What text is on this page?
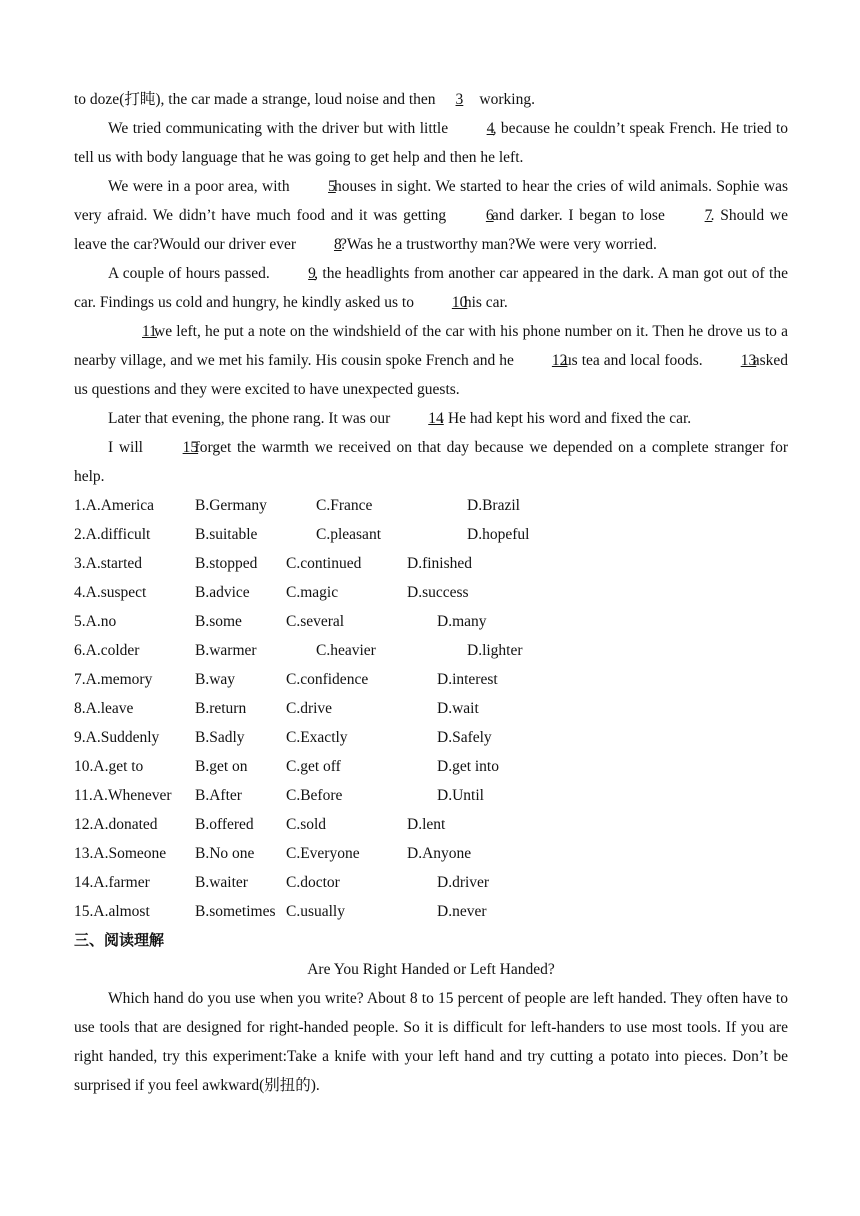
to doze(打盹), the car made a strange, loud noise and then 3 working.

We tried communicating with the driver but with little 4, because he couldn’t speak French. He tried to tell us with body language that he was going to get help and then he left.

We were in a poor area, with 5houses in sight. We started to hear the cries of wild animals. Sophie was very afraid. We didn’t have much food and it was getting 6and darker. I began to lose 7. Should we leave the car?Would our driver ever 8?Was he a trustworthy man?We were very worried.

A couple of hours passed. 9, the headlights from another car appeared in the dark. A man got out of the car. Findings us cold and hungry, he kindly asked us to 10his car.

11we left, he put a note on the windshield of the car with his phone number on it. Then he drove us to a nearby village, and we met his family. His cousin spoke French and he 12us tea and local foods. 13asked us questions and they were excited to have unexpected guests.

Later that evening, the phone rang. It was our 14. He had kept his word and fixed the car.

I will 15forget the warmth we received on that day because we depended on a complete stranger for help.

1.A.America	B.Germany	C.France	D.Brazil
2.A.difficult	B.suitable	C.pleasant	D.hopeful
3.A.started	B.stopped	C.continued	D.finished
4.A.suspect	B.advice	C.magic	D.success
5.A.no	B.some	C.several	D.many
6.A.colder	B.warmer	C.heavier	D.lighter
7.A.memory	B.way	C.confidence	D.interest
8.A.leave	B.return	C.drive	D.wait
9.A.Suddenly	B.Sadly	C.Exactly	D.Safely
10.A.get to	B.get on	C.get off	D.get into
11.A.Whenever	B.After	C.Before	D.Until
12.A.donated	B.offered	C.sold	D.lent
13.A.Someone	B.No one	C.Everyone	D.Anyone
14.A.farmer	B.waiter	C.doctor	D.driver
15.A.almost	B.sometimes C.usually	D.never
三、阅读理解
Are You Right Handed or Left Handed?

Which hand do you use when you write? About 8 to 15 percent of people are left handed. They often have to use tools that are designed for right-handed people. So it is difficult for left-handers to use most tools. If you are right handed, try this experiment:Take a knife with your left hand and try cutting a potato into pieces. Don’t be surprised if you feel awkward(别扭的).
